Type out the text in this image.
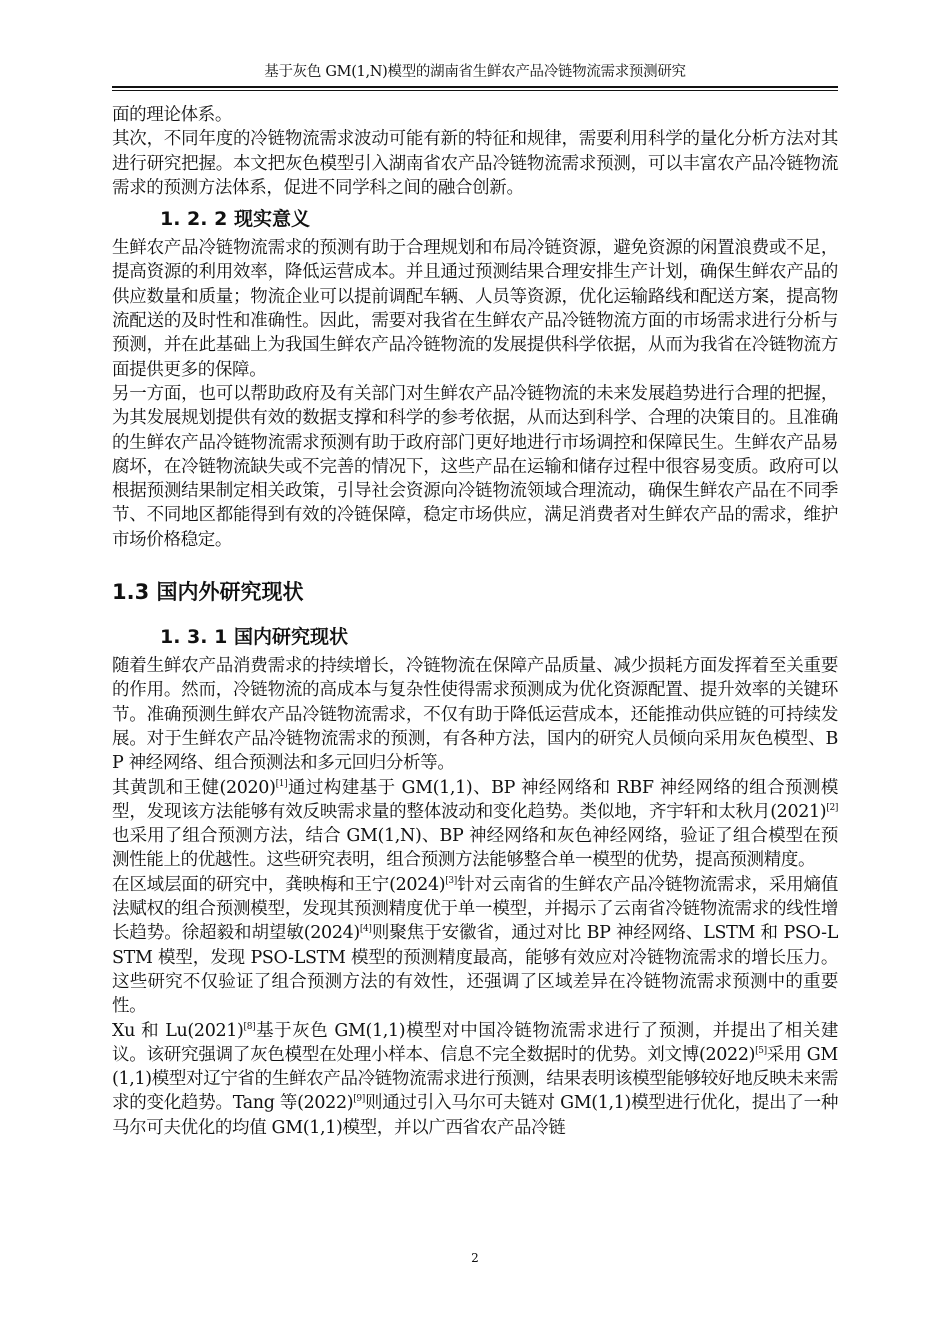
基于灰色 GM(1,N)模型的湖南省生鲜农产品冷链物流需求预测研究

面的理论体系。

其次，不同年度的冷链物流需求波动可能有新的特征和规律，需要利用科学的量化分析方法对其进行研究把握。本文把灰色模型引入湖南省农产品冷链物流需求预测，可以丰富农产品冷链物流需求的预测方法体系，促进不同学科之间的融合创新。

1. 2. 2 现实意义

生鲜农产品冷链物流需求的预测有助于合理规划和布局冷链资源，避免资源的闲置浪费或不足，提高资源的利用效率，降低运营成本。并且通过预测结果合理安排生产计划，确保生鲜农产品的供应数量和质量；物流企业可以提前调配车辆、人员等资源，优化运输路线和配送方案，提高物流配送的及时性和准确性。因此，需要对我省在生鲜农产品冷链物流方面的市场需求进行分析与预测，并在此基础上为我国生鲜农产品冷链物流的发展提供科学依据，从而为我省在冷链物流方面提供更多的保障。

另一方面，也可以帮助政府及有关部门对生鲜农产品冷链物流的未来发展趋势进行合理的把握，为其发展规划提供有效的数据支撑和科学的参考依据，从而达到科学、合理的决策目的。且准确的生鲜农产品冷链物流需求预测有助于政府部门更好地进行市场调控和保障民生。生鲜农产品易腐坏，在冷链物流缺失或不完善的情况下，这些产品在运输和储存过程中很容易变质。政府可以根据预测结果制定相关政策，引导社会资源向冷链物流领域合理流动，确保生鲜农产品在不同季节、不同地区都能得到有效的冷链保障，稳定市场供应，满足消费者对生鲜农产品的需求，维护市场价格稳定。

1.3 国内外研究现状
1. 3. 1 国内研究现状

随着生鲜农产品消费需求的持续增长，冷链物流在保障产品质量、减少损耗方面发挥着至关重要的作用。然而，冷链物流的高成本与复杂性使得需求预测成为优化资源配置、提升效率的关键环节。准确预测生鲜农产品冷链物流需求，不仅有助于降低运营成本，还能推动供应链的可持续发展。对于生鲜农产品冷链物流需求的预测，有各种方法，国内的研究人员倾向采用灰色模型、BP 神经网络、组合预测法和多元回归分析等。

其黄凯和王健(2020)[1]通过构建基于 GM(1,1)、BP 神经网络和 RBF 神经网络的组合预测模型，发现该方法能够有效反映需求量的整体波动和变化趋势。类似地，齐宇轩和太秋月(2021)[2]也采用了组合预测方法，结合 GM(1,N)、BP 神经网络和灰色神经网络，验证了组合模型在预测性能上的优越性。这些研究表明，组合预测方法能够整合单一模型的优势，提高预测精度。

在区域层面的研究中，龚映梅和王宁(2024)[3]针对云南省的生鲜农产品冷链物流需求，采用熵值法赋权的组合预测模型，发现其预测精度优于单一模型，并揭示了云南省冷链物流需求的线性增长趋势。徐超毅和胡望敏(2024)[4]则聚焦于安徽省，通过对比 BP 神经网络、LSTM 和 PSO-LSTM 模型，发现 PSO-LSTM 模型的预测精度最高，能够有效应对冷链物流需求的增长压力。这些研究不仅验证了组合预测方法的有效性，还强调了区域差异在冷链物流需求预测中的重要性。

Xu 和 Lu(2021)[8]基于灰色 GM(1,1)模型对中国冷链物流需求进行了预测，并提出了相关建议。该研究强调了灰色模型在处理小样本、信息不完全数据时的优势。刘文博(2022)[5]采用 GM(1,1)模型对辽宁省的生鲜农产品冷链物流需求进行预测，结果表明该模型能够较好地反映未来需求的变化趋势。Tang 等(2022)[9]则通过引入马尔可夫链对 GM(1,1)模型进行优化，提出了一种马尔可夫优化的均值 GM(1,1)模型，并以广西省农产品冷链

2
